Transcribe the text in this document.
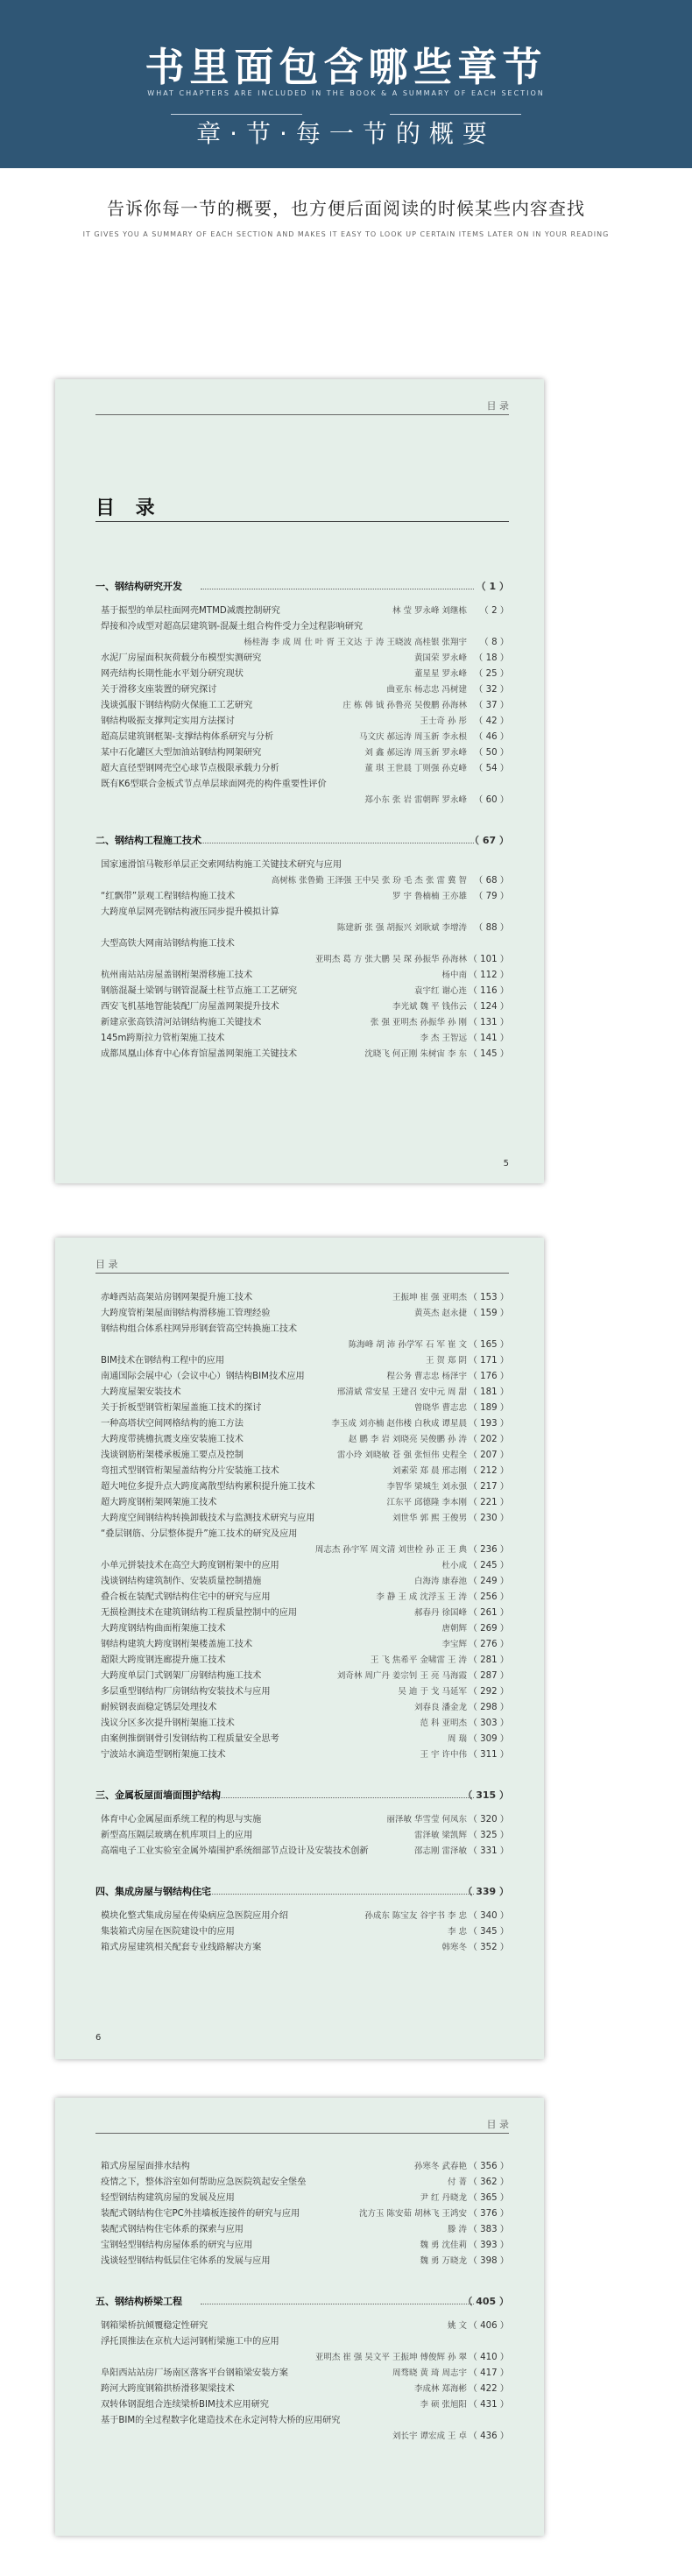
书里面包含哪些章节
WHAT CHAPTERS ARE INCLUDED IN THE BOOK & A SUMMARY OF EACH SECTION
章·节·每一节的概要
告诉你每一节的概要，也方便后面阅读的时候某些内容查找
IT GIVES YOU A SUMMARY OF EACH SECTION AND MAKES IT EASY TO LOOK UP CERTAIN ITEMS LATER ON IN YOUR READING
目 录
目 录
一、钢结构研究开发	（ 1 ）
基于振型的单层柱面网壳MTMD减震控制研究	林 莹 罗永峰 刘继栋 （ 2 ）
焊接和冷成型对超高层建筑钢-混凝土组合构件受力全过程影响研究
杨桂海 李 成 周 仕 叶 胥 王文达 于 涛 王晓波 高桂银 张翔宇 （ 8 ）
水泥厂房屋面积灰荷载分布模型实测研究	黄国荣 罗永峰 （ 18 ）
网壳结构长期性能水平划分研究现状	董星星 罗永峰 （ 25 ）
关于滑移支座装置的研究探讨	曲亚东 杨志忠 冯树建 （ 32 ）
浅谈弧服下钢结构防火保施工工艺研究	庄 栋 韩 钺 孙鲁亮 吴俊鹏 孙海林 （ 37 ）
钢结构吸振支撑判定实用方法探讨	王士奇 孙 彤 （ 42 ）
超高层建筑钢框架-支撑结构体系研究与分析	马文庆 郝远涛 周玉新 李永根 （ 46 ）
某中石化罐区大型加油站钢结构网架研究	刘 鑫 郝远涛 周玉新 罗永峰 （ 50 ）
超大直径型钢网壳空心球节点极限承载力分析	董 琪 王世晨 丁则强 孙克峰 （ 54 ）
既有K6型联合金板式节点单层球面网壳的构件重要性评价
郑小东 张 岩 雷朝晖 罗永峰 （ 60 ）
二、钢结构工程施工技术	（ 67 ）
国家速滑馆马鞍形单层正交索网结构施工关键技术研究与应用
高树栋 张鲁勤 王泽强 王中吴 张 玢 毛 杰 张 雷 冀 智 （ 68 ）
“红飘带”景观工程钢结构施工技术	罗 宇 鲁楠楠 王亦雄 （ 79 ）
大跨度单层网壳钢结构液压同步提升模拟计算
陈建新 张 强 胡振兴 刘耿斌 李增涛 （ 88 ）
大型高铁大网南站钢结构施工技术
亚明杰 葛 方 张大鹏 吴 琛 孙振华 孙海林 （ 101 ）
杭州南站站房屋盖钢桁架滑移施工技术	杨中南 （ 112 ）
钢筋混凝土梁钢与钢管混凝土柱节点施工工艺研究	袁宇红 谢心连 （ 116 ）
西安飞机基地智能装配厂房屋盖网架提升技术	李光斌 魏 平 钱伟云 （ 124 ）
新建京张高铁清河站钢结构施工关键技术	张 强 亚明杰 孙振华 孙 刚 （ 131 ）
145m跨斯拉力管桁架施工技术	李 杰 王智远 （ 141 ）
成都凤凰山体育中心体育馆屋盖网架施工关键技术	沈晓飞 何正刚 朱树宙 李 东 （ 145 ）
5
目 录
赤峰西站高架站房钢网架提升施工技术	王振坤 崔 强 亚明杰 （ 153 ）
大跨度管桁架屋面钢结构滑移施工管理经验	黄英杰 赵永捷 （ 159 ）
钢结构组合体系柱网异形钢套管高空转换施工技术
陈海峰 胡 沛 孙学军 石 军 崔 文 （ 165 ）
BIM技术在钢结构工程中的应用	王 贺 郑 阴 （ 171 ）
南通国际会展中心（会议中心）钢结构BIM技术应用	程公务 曹志忠 杨泽宇 （ 176 ）
大跨度屋架安装技术	邢清斌 常安星 王建召 安中元 周 甜 （ 181 ）
关于折板型钢管桁架屋盖施工技术的探讨	曾晓华 曹志忠 （ 189 ）
一种高塔状空间网格结构的施工方法	李玉成 刘亦楠 赵伟楼 白秋成 谭星晨 （ 193 ）
大跨度带挑檐抗震支座安装施工技术	赵 鹏 李 岩 刘晓亮 吴俊鹏 孙 涛 （ 202 ）
浅谈钢筋桁架楼承板施工要点及控制	雷小玲 刘晓敏 苍 强 张恒伟 史程全 （ 207 ）
弯扭式型钢管桁架屋盖结构分片安装施工技术	刘素荣 郑 晨 邢志刚 （ 212 ）
超大吨位多提升点大跨度离散型结构累积提升施工技术	李智华 梁城生 刘永强 （ 217 ）
超大跨度钢桁架网架施工技术	江东平 邱德隆 李本刚 （ 221 ）
大跨度空间钢结构转换卸载技术与监测技术研究与应用	刘世华 郭 熙 王俊男 （ 230 ）
“叠层钢筋、分层整体提升”施工技术的研究及应用
周志杰 孙宇军 周文清 刘世栓 孙 正 王 典 （ 236 ）
小单元拼装技术在高空大跨度钢桁架中的应用	杜小成 （ 245 ）
浅谈钢结构建筑制作、安装质量控制措施	白海涛 康春池 （ 249 ）
叠合板在装配式钢结构住宅中的研究与应用	李 静 王 成 沈浮玉 王 涛 （ 256 ）
无损检测技术在建筑钢结构工程质量控制中的应用	郝春丹 徐国峰 （ 261 ）
大跨度钢结构曲面桁架施工技术	唐朝辉 （ 269 ）
钢结构建筑大跨度钢桁架楼盖施工技术	李宝辉 （ 276 ）
超限大跨度钢连廊提升施工技术	王 飞 焦希平 金啸雷 王 涛 （ 281 ）
大跨度单层门式钢架厂房钢结构施工技术	刘奇林 周广丹 姜宗钊 王 亮 马海霞 （ 287 ）
多层重型钢结构厂房钢结构安装技术与应用	吴 迪 于 戈 马延军 （ 292 ）
耐候钢表面稳定锈层处理技术	刘春良 潘金龙 （ 298 ）
浅议分区多次提升钢桁架施工技术	范 科 亚明杰 （ 303 ）
由案例推倒钢骨引发钢结构工程质量安全思考	周 瑞 （ 309 ）
宁波站水滴造型钢桁架施工技术	王 宇 许中伟 （ 311 ）
三、金属板屋面墙面围护结构	（ 315 ）
体育中心金属屋面系统工程的构思与实施	丽泽敏 华雪莹 何凤东 （ 320 ）
新型高压隔层玻璃在机库项目上的应用	雷泽敏 梁凯辉 （ 325 ）
高端电子工业实验室金属外墙围护系统细部节点设计及安装技术创新	邵志刚 雷泽敏 （ 331 ）
四、集成房屋与钢结构住宅	（ 339 ）
模块化整式集成房屋在传染病应急医院应用介绍	孙成东 陈宝友 谷宇书 李 忠 （ 340 ）
集装箱式房屋在医院建设中的应用	李 忠 （ 345 ）
箱式房屋建筑相关配套专业线路解决方案	韩寒冬 （ 352 ）
6
目 录
箱式房屋屋面排水结构	孙寒冬 武春艳 （ 356 ）
疫情之下，整体浴室如何帮助应急医院筑起安全堡垒	付 菁 （ 362 ）
轻型钢结构建筑房屋的发展及应用	尹 红 丹晓龙 （ 365 ）
装配式钢结构住宅PC外挂墙板连接件的研究与应用	沈方玉 陈安茹 胡林飞 王鸿安 （ 376 ）
装配式钢结构住宅体系的探索与应用	滕 涛 （ 383 ）
宝钢轻型钢结构房屋体系的研究与应用	魏 勇 沈佳莉 （ 393 ）
浅谈轻型钢结构低层住宅体系的发展与应用	魏 勇 万晓龙 （ 398 ）
五、钢结构桥梁工程	（ 405 ）
钢箱梁桥抗倾覆稳定性研究	姚 文 （ 406 ）
浮托顶推法在京杭大运河钢桁梁施工中的应用
亚明杰 崔 强 吴文平 王振坤 傅俊辉 孙 翠 （ 410 ）
阜阳西站站房厂场南区落客平台钢箱梁安装方案	周骛晓 黄 琦 周志宇 （ 417 ）
跨河大跨度钢箱拱桥滑移架梁技术	李成林 郑海彬 （ 422 ）
双转体钢混组合连续梁桥BIM技术应用研究	李 硕 张旭阳 （ 431 ）
基于BIM的全过程数字化建造技术在永定河特大桥的应用研究
刘长宇 谭宏成 王 卓 （ 436 ）
